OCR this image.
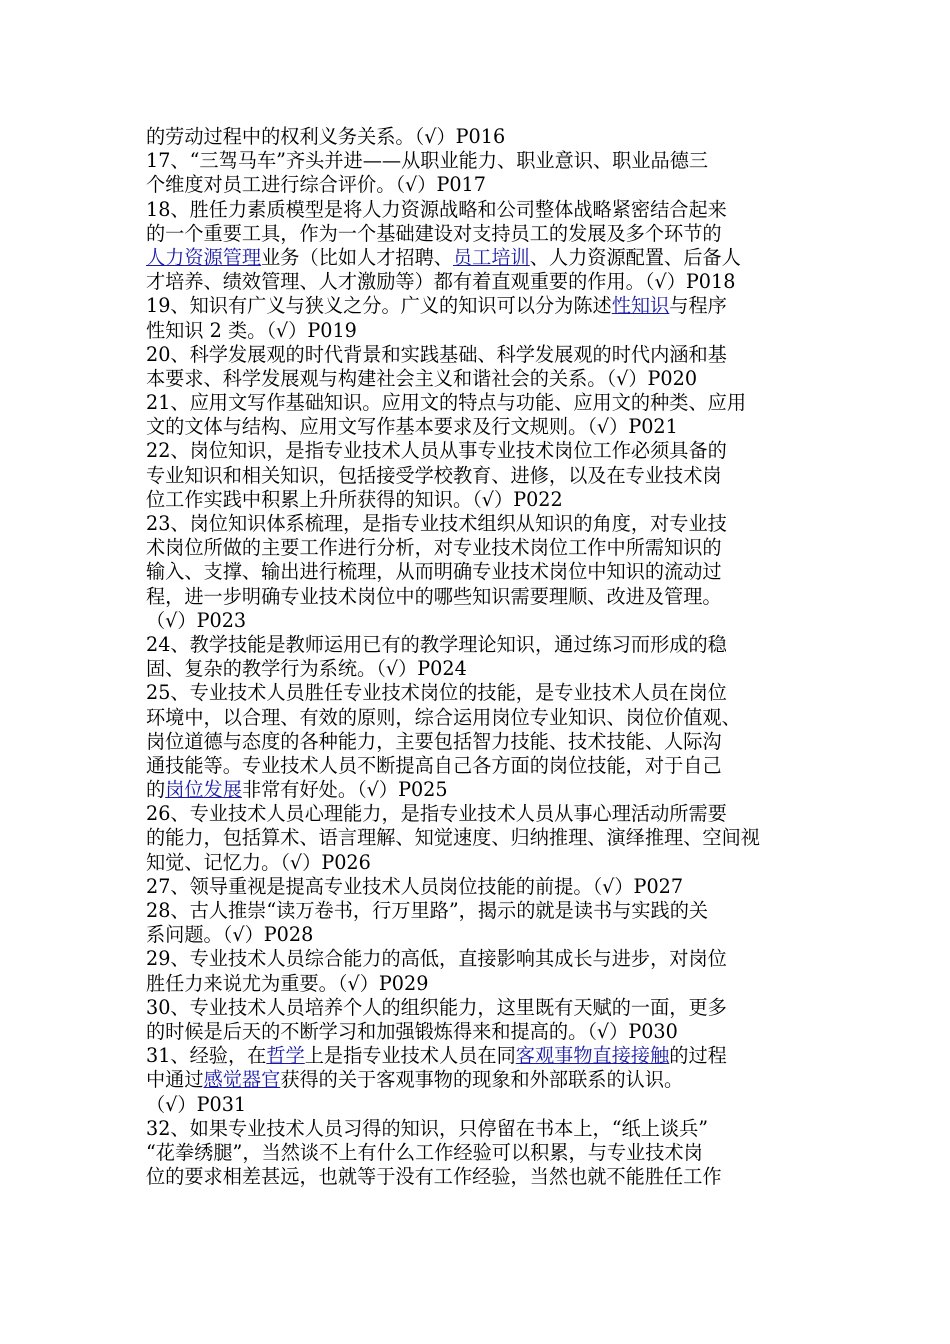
的劳动过程中的权利义务关系。（√）P016
17、“三驾马车”齐头并进——从职业能力、职业意识、职业品德三
个维度对员工进行综合评价。（√）P017
18、胜任力素质模型是将人力资源战略和公司整体战略紧密结合起来
的一个重要工具，作为一个基础建设对支持员工的发展及多个环节的
人力资源管理业务（比如人才招聘、员工培训、人力资源配置、后备人
才培养、绩效管理、人才激励等）都有着直观重要的作用。（√）P018
19、知识有广义与狭义之分。广义的知识可以分为陈述性知识与程序
性知识 2 类。（√）P019
20、科学发展观的时代背景和实践基础、科学发展观的时代内涵和基
本要求、科学发展观与构建社会主义和谐社会的关系。（√）P020
21、应用文写作基础知识。应用文的特点与功能、应用文的种类、应用
文的文体与结构、应用文写作基本要求及行文规则。（√）P021
22、岗位知识，是指专业技术人员从事专业技术岗位工作必须具备的
专业知识和相关知识，包括接受学校教育、进修，以及在专业技术岗
位工作实践中积累上升所获得的知识。（√）P022
23、岗位知识体系梳理，是指专业技术组织从知识的角度，对专业技
术岗位所做的主要工作进行分析，对专业技术岗位工作中所需知识的
输入、支撑、输出进行梳理，从而明确专业技术岗位中知识的流动过
程，进一步明确专业技术岗位中的哪些知识需要理顺、改进及管理。
（√）P023
24、教学技能是教师运用已有的教学理论知识，通过练习而形成的稳
固、复杂的教学行为系统。（√）P024
25、专业技术人员胜任专业技术岗位的技能，是专业技术人员在岗位
环境中，以合理、有效的原则，综合运用岗位专业知识、岗位价值观、
岗位道德与态度的各种能力，主要包括智力技能、技术技能、人际沟
通技能等。专业技术人员不断提高自己各方面的岗位技能，对于自己
的岗位发展非常有好处。（√）P025
26、专业技术人员心理能力，是指专业技术人员从事心理活动所需要
的能力，包括算术、语言理解、知觉速度、归纳推理、演绎推理、空间视
知觉、记忆力。（√）P026
27、领导重视是提高专业技术人员岗位技能的前提。（√）P027
28、古人推崇“读万卷书，行万里路”，揭示的就是读书与实践的关
系问题。（√）P028
29、专业技术人员综合能力的高低，直接影响其成长与进步，对岗位
胜任力来说尤为重要。（√）P029
30、专业技术人员培养个人的组织能力，这里既有天赋的一面，更多
的时候是后天的不断学习和加强锻炼得来和提高的。（√）P030
31、经验，在哲学上是指专业技术人员在同客观事物直接接触的过程
中通过感觉器官获得的关于客观事物的现象和外部联系的认识。
（√）P031
32、如果专业技术人员习得的知识，只停留在书本上，“纸上谈兵”
“花拳绣腿”，当然谈不上有什么工作经验可以积累，与专业技术岗
位的要求相差甚远，也就等于没有工作经验，当然也就不能胜任工作
